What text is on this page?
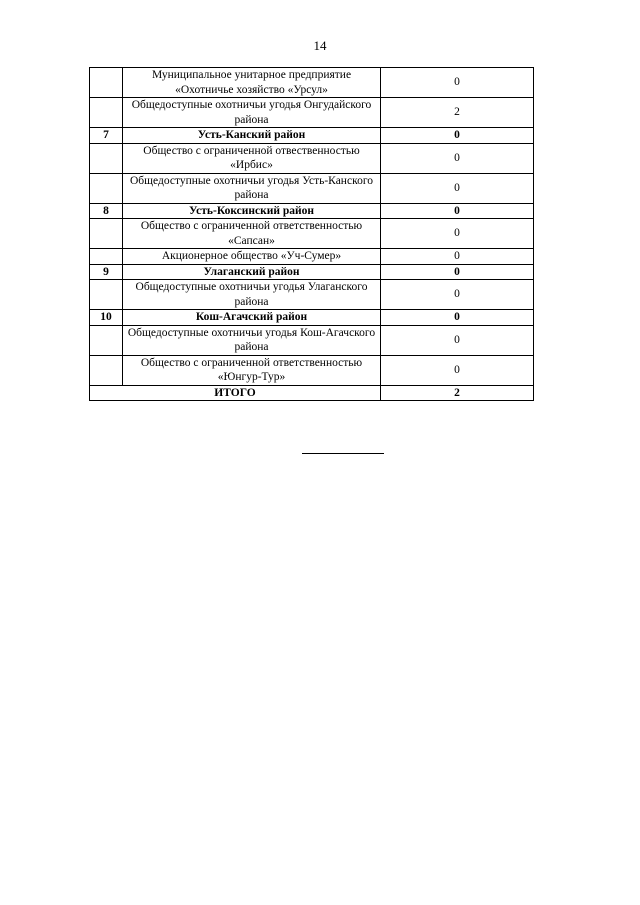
14
	Муниципальное унитарное предприятие «Охотничье хозяйство «Урсул»	0
	Общедоступные охотничьи угодья Онгудайского района	2
7	Усть-Канский район	0
	Общество с ограниченной отвественностью «Ирбис»	0
	Общедоступные охотничьи угодья Усть-Канского района	0
8	Усть-Коксинский район	0
	Общество с ограниченной ответственностью «Сапсан»	0
	Акционерное общество «Уч-Сумер»	0
9	Улаганский район	0
	Общедоступные охотничьи угодья Улаганского района	0
10	Кош-Агачский район	0
	Общедоступные охотничьи угодья Кош-Агачского района	0
	Общество с ограниченной ответственностью «Юнгур-Тур»	0
ИТОГО		2
